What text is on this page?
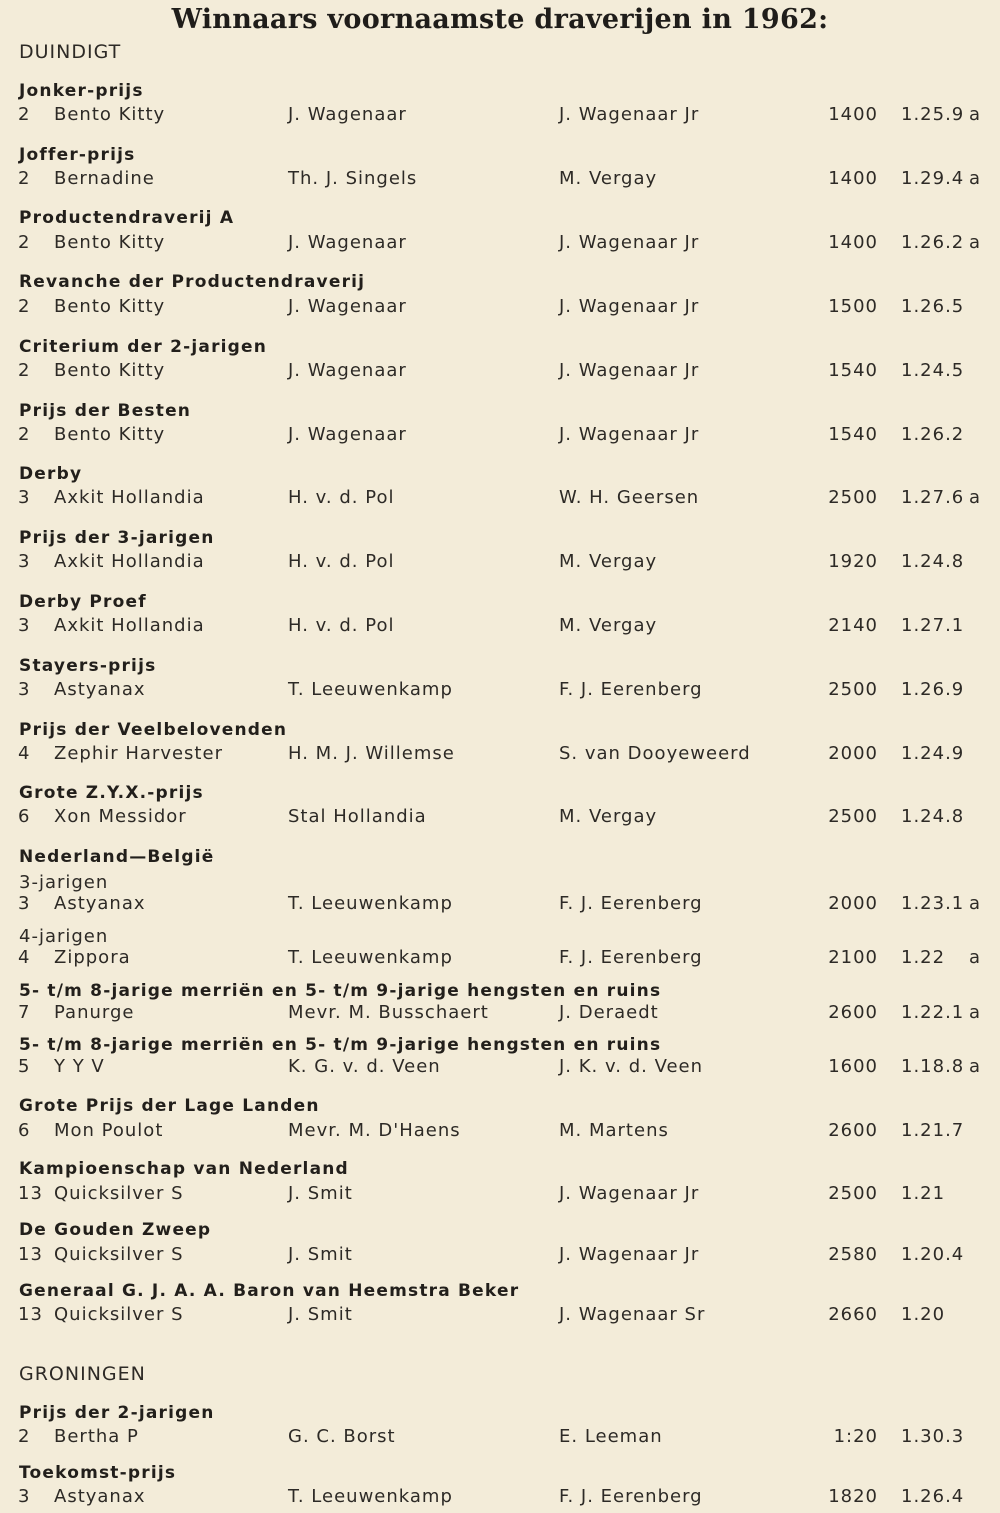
Winnaars voornaamste draverijen in 1962:
DUINDIGT
Jonker-prijs
2 Bento Kitty	J. Wagenaar	J. Wagenaar Jr	1400 1.25.9 a
Joffer-prijs
2 Bernadine	Th. J. Singels	M. Vergay	1400 1.29.4 a
Productendraverij A
2 Bento Kitty	J. Wagenaar	J. Wagenaar Jr	1400 1.26.2 a
Revanche der Productendraverij
2 Bento Kitty	J. Wagenaar	J. Wagenaar Jr	1500 1.26.5
Criterium der 2-jarigen
2 Bento Kitty	J. Wagenaar	J. Wagenaar Jr	1540 1.24.5
Prijs der Besten
2 Bento Kitty	J. Wagenaar	J. Wagenaar Jr	1540 1.26.2
Derby
3 Axkit Hollandia	H. v. d. Pol	W. H. Geersen	2500 1.27.6 a
Prijs der 3-jarigen
3 Axkit Hollandia	H. v. d. Pol	M. Vergay	1920 1.24.8
Derby Proef
3 Axkit Hollandia	H. v. d. Pol	M. Vergay	2140 1.27.1
Stayers-prijs
3 Astyanax	T. Leeuwenkamp	F. J. Eerenberg	2500 1.26.9
Prijs der Veelbelovenden
4 Zephir Harvester	H. M. J. Willemse	S. van Dooyeweerd	2000 1.24.9
Grote Z.Y.X.-prijs
6 Xon Messidor	Stal Hollandia	M. Vergay	2500 1.24.8
Nederland—België
3-jarigen
3 Astyanax	T. Leeuwenkamp	F. J. Eerenberg	2000 1.23.1 a
4-jarigen
4 Zippora	T. Leeuwenkamp	F. J. Eerenberg	2100 1.22 a
5- t/m 8-jarige merriën en 5- t/m 9-jarige hengsten en ruins
7 Panurge	Mevr. M. Busschaert	J. Deraedt	2600 1.22.1 a
5- t/m 8-jarige merriën en 5- t/m 9-jarige hengsten en ruins
5 Y Y V	K. G. v. d. Veen	J. K. v. d. Veen	1600 1.18.8 a
Grote Prijs der Lage Landen
6 Mon Poulot	Mevr. M. D'Haens	M. Martens	2600 1.21.7
Kampioenschap van Nederland
13 Quicksilver S	J. Smit	J. Wagenaar Jr	2500 1.21
De Gouden Zweep
13 Quicksilver S	J. Smit	J. Wagenaar Jr	2580 1.20.4
Generaal G. J. A. A. Baron van Heemstra Beker
13 Quicksilver S	J. Smit	J. Wagenaar Sr	2660 1.20
GRONINGEN
Prijs der 2-jarigen
2 Bertha P	G. C. Borst	E. Leeman	1:20 1.30.3
Toekomst-prijs
3 Astyanax	T. Leeuwenkamp	F. J. Eerenberg	1820 1.26.4
